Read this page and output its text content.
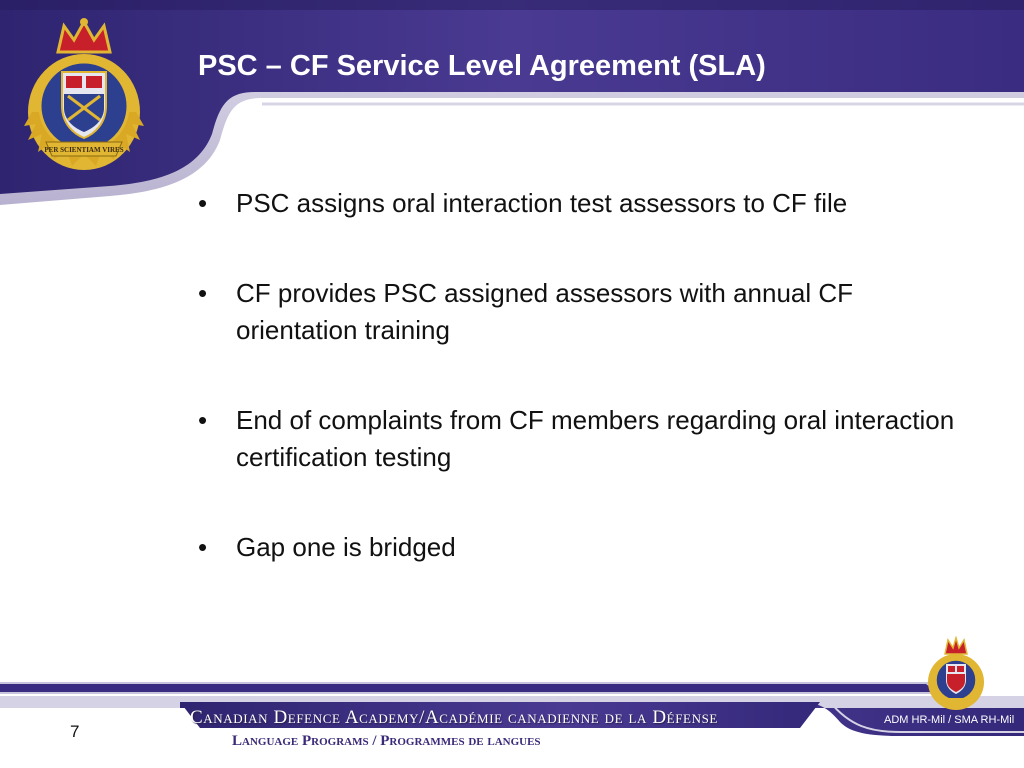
PER SCIENTIAM VIRES
PSC – CF Service Level Agreement (SLA)
•	PSC assigns oral interaction test assessors to CF file
•	CF provides PSC assigned assessors with annual CF orientation training
•	End of complaints from CF members regarding oral interaction certification testing
•	Gap one is bridged
7
Canadian Defence Academy/Académie canadienne de la Défense
Language Programs / Programmes de langues
ADM HR-Mil / SMA RH-Mil
